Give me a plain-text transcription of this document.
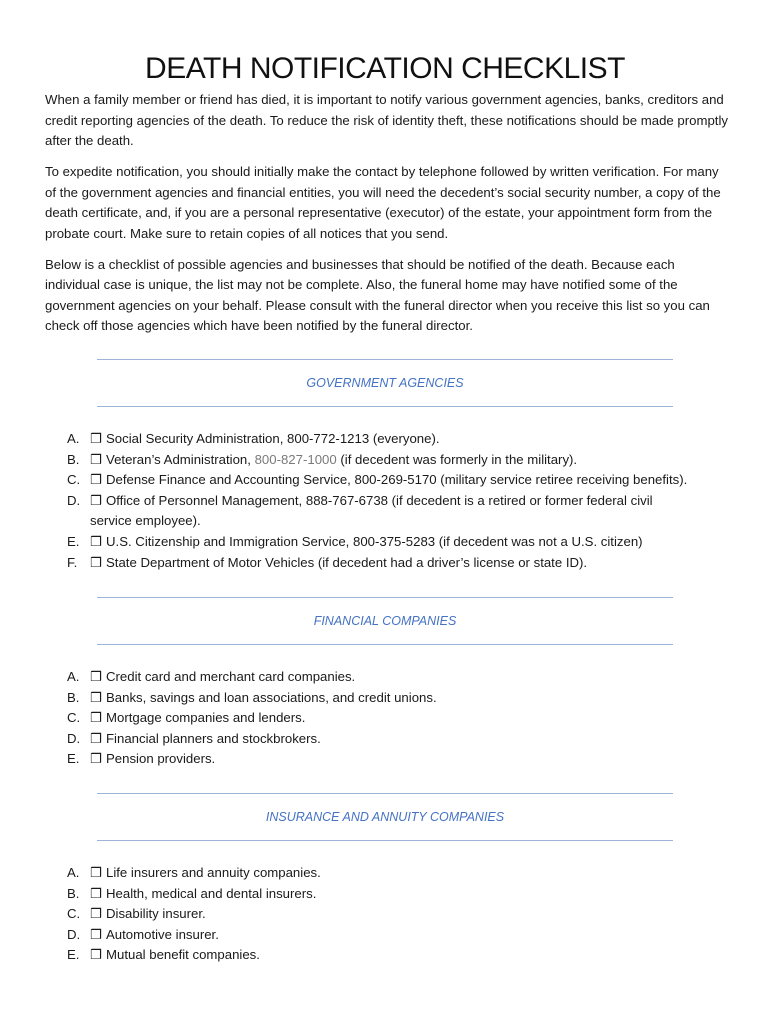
DEATH NOTIFICATION CHECKLIST

When a family member or friend has died, it is important to notify various government agencies, banks, creditors and credit reporting agencies of the death. To reduce the risk of identity theft, these notifications should be made promptly after the death.

To expedite notification, you should initially make the contact by telephone followed by written verification. For many of the government agencies and financial entities, you will need the decedent’s social security number, a copy of the death certificate, and, if you are a personal representative (executor) of the estate, your appointment form from the probate court. Make sure to retain copies of all notices that you send.

Below is a checklist of possible agencies and businesses that should be notified of the death. Because each individual case is unique, the list may not be complete. Also, the funeral home may have notified some of the government agencies on your behalf. Please consult with the funeral director when you receive this list so you can check off those agencies which have been notified by the funeral director.

GOVERNMENT AGENCIES
A. ❒ Social Security Administration, 800-772-1213 (everyone).
B. ❒ Veteran’s Administration, 800-827-1000 (if decedent was formerly in the military).
C. ❒ Defense Finance and Accounting Service, 800-269-5170 (military service retiree receiving benefits).
D. ❒ Office of Personnel Management, 888-767-6738 (if decedent is a retired or former federal civil
service employee).
E. ❒ U.S. Citizenship and Immigration Service, 800-375-5283 (if decedent was not a U.S. citizen)
F. ❒ State Department of Motor Vehicles (if decedent had a driver’s license or state ID).
FINANCIAL COMPANIES
A. ❒ Credit card and merchant card companies.
B. ❒ Banks, savings and loan associations, and credit unions.
C. ❒ Mortgage companies and lenders.
D. ❒ Financial planners and stockbrokers.
E. ❒ Pension providers.
INSURANCE AND ANNUITY COMPANIES
A. ❒ Life insurers and annuity companies.
B. ❒ Health, medical and dental insurers.
C. ❒ Disability insurer.
D. ❒ Automotive insurer.
E. ❒ Mutual benefit companies.
